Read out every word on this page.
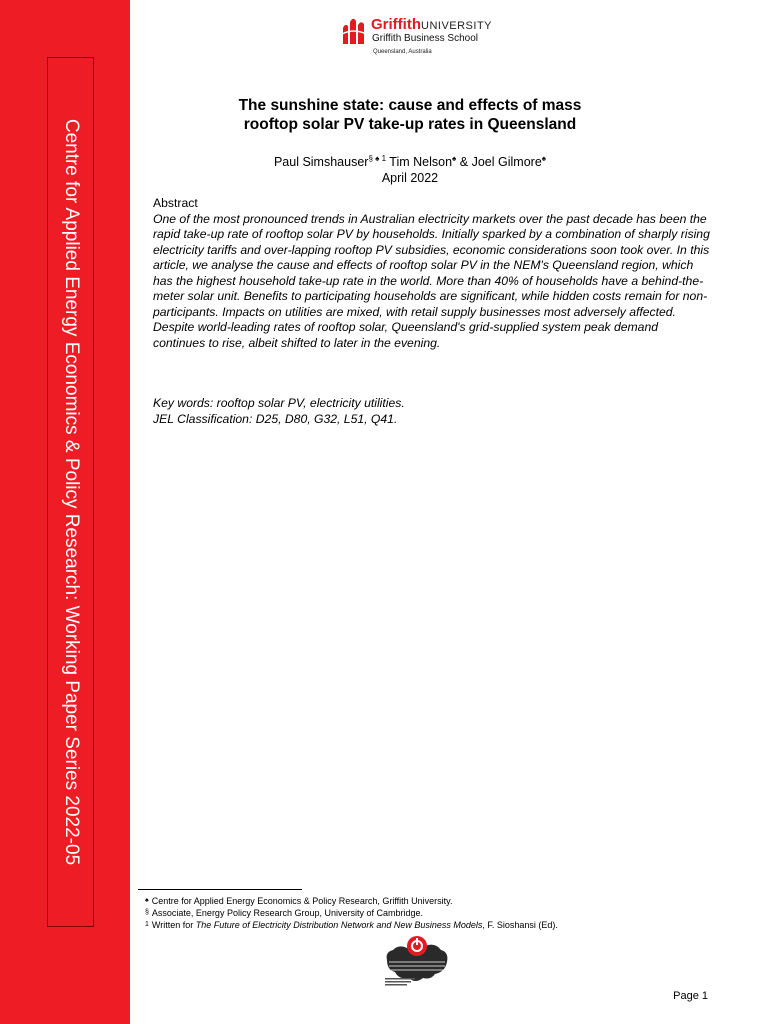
Centre for Applied Energy Economics & Policy Research: Working Paper Series 2022-05
GriffithUNIVERSITY
Griffith Business School
Queensland, Australia
The sunshine state: cause and effects of mass
rooftop solar PV take-up rates in Queensland
Paul Simshauser$^{\S ♠ 1}$ Tim Nelson♠ & Joel Gilmore♠
April 2022
Abstract

One of the most pronounced trends in Australian electricity markets over the past decade has been the rapid take-up rate of rooftop solar PV by households. Initially sparked by a combination of sharply rising electricity tariffs and over-lapping rooftop PV subsidies, economic considerations soon took over. In this article, we analyse the cause and effects of rooftop solar PV in the NEM's Queensland region, which has the highest household take-up rate in the world. More than 40% of households have a behind-the-meter solar unit. Benefits to participating households are significant, while hidden costs remain for non-participants. Impacts on utilities are mixed, with retail supply businesses most adversely affected. Despite world-leading rates of rooftop solar, Queensland's grid-supplied system peak demand continues to rise, albeit shifted to later in the evening.

Key words: rooftop solar PV, electricity utilities.
JEL Classification: D25, D80, G32, L51, Q41.
♠ Centre for Applied Energy Economics & Policy Research, Griffith University.
§ Associate, Energy Policy Research Group, University of Cambridge.
$^1$ Written for The Future of Electricity Distribution Network and New Business Models, F. Sioshansi (Ed).
Page 1
